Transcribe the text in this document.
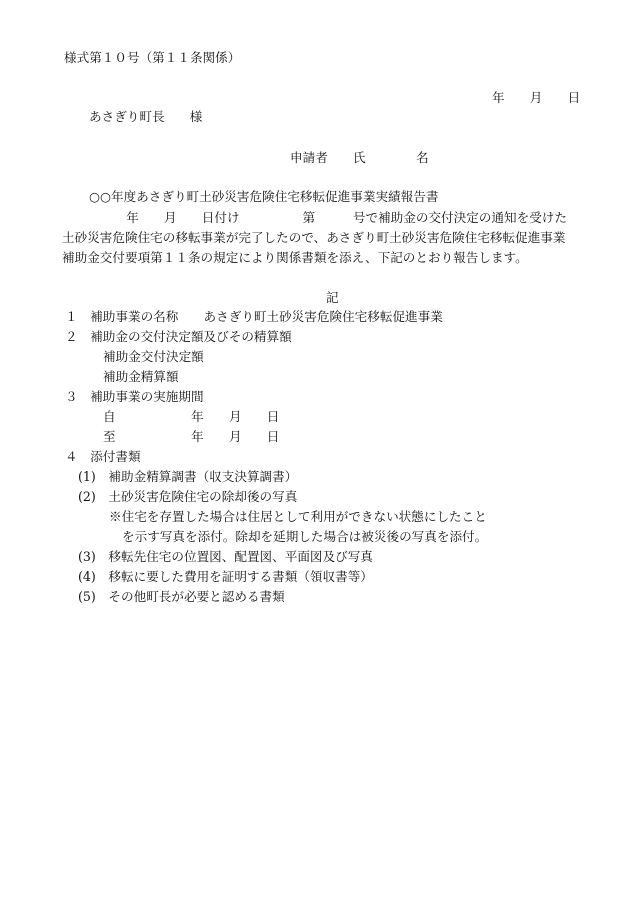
様式第１０号（第１１条関係）
年　　月　　日
あさぎり町長　　様
申請者　　氏　　　　名
○○年度あさぎり町土砂災害危険住宅移転促進事業実績報告書
　　年　　月　　日付け　　　　　第　　　号で補助金の交付決定の通知を受けた
土砂災害危険住宅の移転事業が完了したので、あさぎり町土砂災害危険住宅移転促進事業
補助金交付要項第１１条の規定により関係書類を添え、下記のとおり報告します。
記
１　補助事業の名称　　あさぎり町土砂災害危険住宅移転促進事業
２　補助金の交付決定額及びその精算額
補助金交付決定額
補助金精算額
３　補助事業の実施期間
自　　　　　　年　　月　　日
至　　　　　　年　　月　　日
４　添付書類
(1)　補助金精算調書（収支決算調書）
(2)　土砂災害危険住宅の除却後の写真
※住宅を存置した場合は住居として利用ができない状態にしたこと
を示す写真を添付。除却を延期した場合は被災後の写真を添付。
(3)　移転先住宅の位置図、配置図、平面図及び写真
(4)　移転に要した費用を証明する書類（領収書等）
(5)　その他町長が必要と認める書類
